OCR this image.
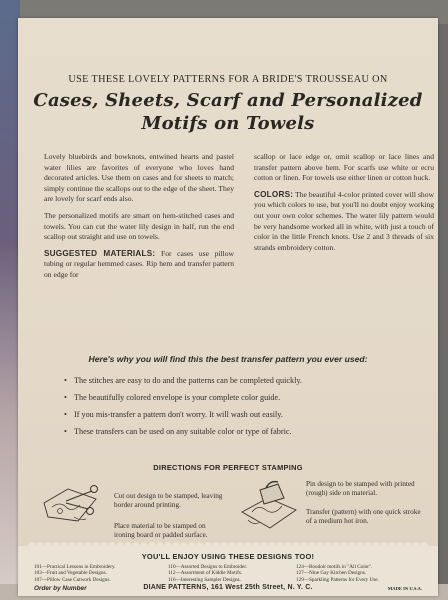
USE THESE LOVELY PATTERNS FOR A BRIDE'S TROUSSEAU ON
Cases, Sheets, Scarf and Personalized
Motifs on Towels

Lovely bluebirds and bowknots, entwined hearts and pastel water lilies are favorites of everyone who loves hand decorated articles. Use them on cases and for sheets to match; simply continue the scallops out to the edge of the sheet. They are lovely for scarf ends also.

The personalized motifs are smart on hem-stitched cases and towels. You can cut the water lily design in half, run the end scallop out straight and use on towels.

SUGGESTED MATERIALS: For cases use pillow tubing or regular hemmed cases. Rip hem and transfer pattern on edge for

scallop or lace edge or, omit scallop or lace lines and transfer pattern above hem. For scarfs use white or ecru cotton or linen. For towels use either linen or cotton huck.

COLORS: The beautiful 4-color printed cover will show you which colors to use, but you'll no doubt enjoy working out your own color schemes. The water lily pattern would be very handsome worked all in white, with just a touch of color in the little French knots. Use 2 and 3 threads of six strands embroidery cotton.

Here's why you will find this the best transfer pattern you ever used:
• The stitches are easy to do and the patterns can be completed quickly.
• The beautifully colored envelope is your complete color guide.
• If you mis-transfer a pattern don't worry. It will wash out easily.
• These transfers can be used on any suitable color or type of fabric.
DIRECTIONS FOR PERFECT STAMPING
Cut out design to be stamped, leaving border around printing.
Place material to be stamped on ironing board or padded surface.
Pin design to be stamped with printed (rough) side on material.
Transfer (pattern) with one quick stroke of a medium hot iron.
YOU'LL ENJOY USING THESE DESIGNS TOO!
101—Practical Lessons in Embroidery.
103—Fruit and Vegetable Designs.
107—Pillow Case Cutwork Designs.
110—Assorted Designs to Embroider.
112—Assortment of Kiddie Motifs.
116—Interesting Sampler Designs.
124—Boudoir motifs in "All Color".
127—Nine Gay Kitchen Designs.
129—Sparkling Patterns for Every Use.
Order by Number	DIANE PATTERNS, 161 West 25th Street, N. Y. C.	MADE IN U.S.A.
